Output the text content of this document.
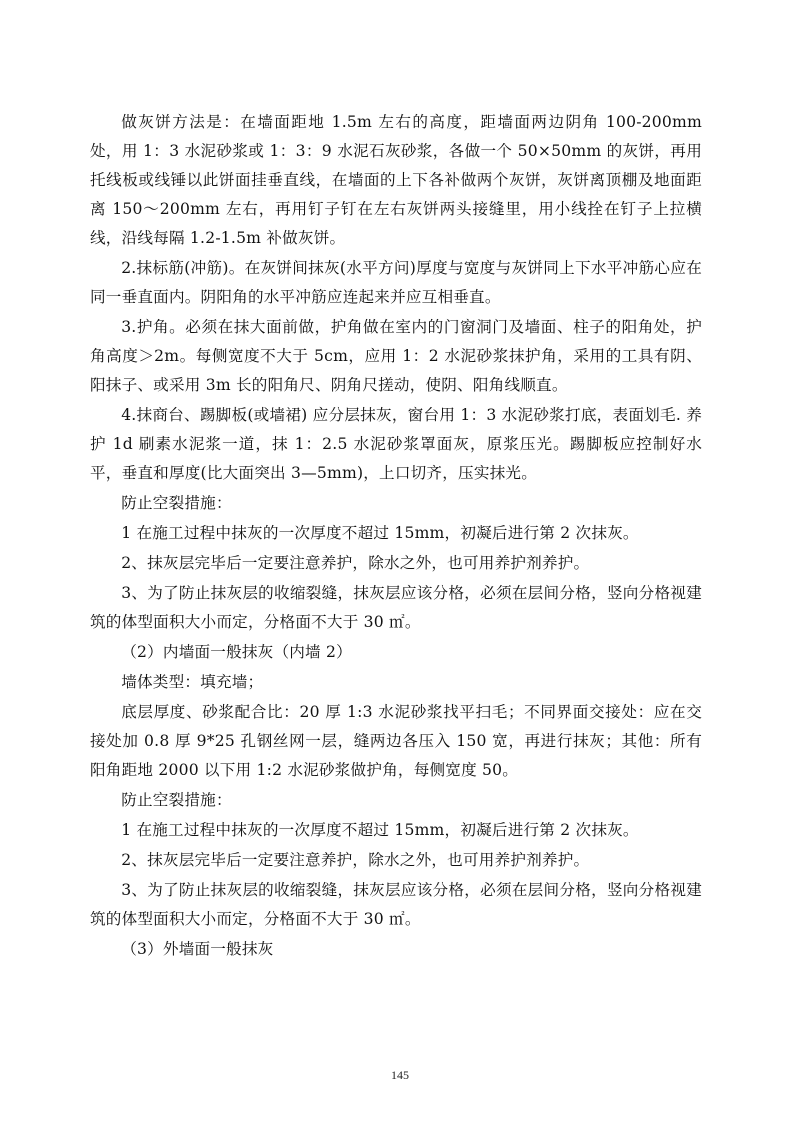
做灰饼方法是：在墙面距地 1.5m 左右的高度，距墙面两边阴角 100-200mm 处，用 1：3 水泥砂浆或 1：3：9 水泥石灰砂浆，各做一个 50×50mm 的灰饼，再用托线板或线锤以此饼面挂垂直线，在墙面的上下各补做两个灰饼，灰饼离顶棚及地面距离 150～200mm 左右，再用钉子钉在左右灰饼两头接缝里，用小线拴在钉子上拉横线，沿线每隔 1.2-1.5m 补做灰饼。

2.抹标筋(冲筋)。在灰饼间抹灰(水平方问)厚度与宽度与灰饼同上下水平冲筋心应在同一垂直面内。阴阳角的水平冲筋应连起来并应互相垂直。

3.护角。必须在抹大面前做，护角做在室内的门窗洞门及墙面、柱子的阳角处，护角高度＞2m。每侧宽度不大于 5cm，应用 1：2 水泥砂浆抹护角，采用的工具有阴、阳抹子、或采用 3m 长的阳角尺、阴角尺搓动，使阴、阳角线顺直。

4.抹商台、踢脚板(或墙裙) 应分层抹灰，窗台用 1：3 水泥砂浆打底，表面划毛. 养护 1d 刷素水泥浆一道，抹 1：2.5 水泥砂浆罩面灰，原浆压光。踢脚板应控制好水平，垂直和厚度(比大面突出 3—5mm)，上口切齐，压实抹光。

防止空裂措施：

1 在施工过程中抹灰的一次厚度不超过 15mm，初凝后进行第 2 次抹灰。

2、抹灰层完毕后一定要注意养护，除水之外，也可用养护剂养护。

3、为了防止抹灰层的收缩裂缝，抹灰层应该分格，必须在层间分格，竖向分格视建筑的体型面积大小而定，分格面不大于 30 ㎡。

（2）内墙面一般抹灰（内墙 2）

墙体类型：填充墙；

底层厚度、砂浆配合比：20 厚 1:3 水泥砂浆找平扫毛；不同界面交接处：应在交接处加 0.8 厚 9*25 孔钢丝网一层，缝两边各压入 150 宽，再进行抹灰；其他：所有阳角距地 2000 以下用 1:2 水泥砂浆做护角，每侧宽度 50。

防止空裂措施：

1 在施工过程中抹灰的一次厚度不超过 15mm，初凝后进行第 2 次抹灰。

2、抹灰层完毕后一定要注意养护，除水之外，也可用养护剂养护。

3、为了防止抹灰层的收缩裂缝，抹灰层应该分格，必须在层间分格，竖向分格视建筑的体型面积大小而定，分格面不大于 30 ㎡。

（3）外墙面一般抹灰

145
